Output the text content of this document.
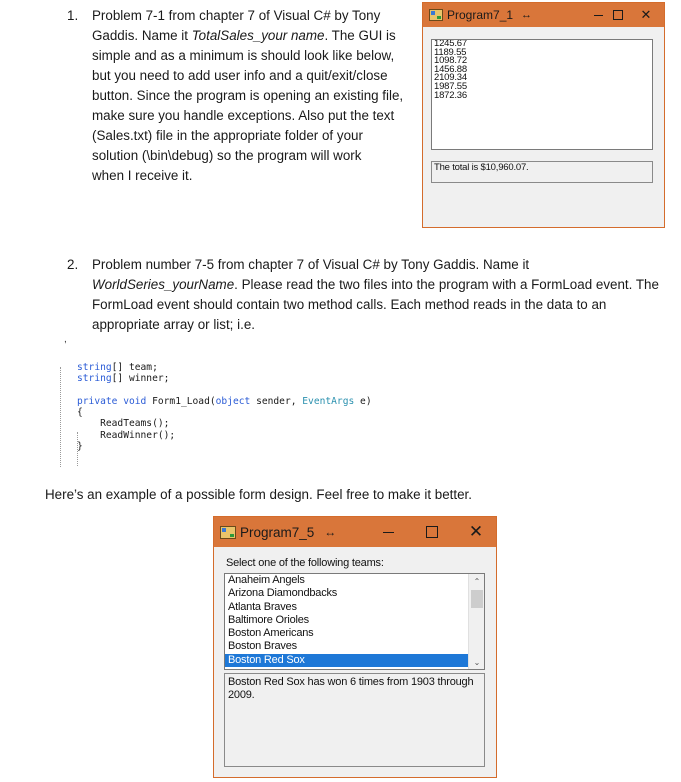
1. Problem 7-1 from chapter 7 of Visual C# by Tony
Gaddis. Name it TotalSales_your name. The GUI is
simple and as a minimum is should look like below,
but you need to add user info and a quit/exit/close
button. Since the program is opening an existing file,
make sure you handle exceptions. Also put the text
(Sales.txt) file in the appropriate folder of your
solution (\bin\debug) so the program will work
when I receive it.
Program7_1 ↔	✕
1245.67
1189.55
1098.72
1456.88
2109.34
1987.55
1872.36
The total is $10,960.07.
2. Problem number 7-5 from chapter 7 of Visual C# by Tony Gaddis. Name it
WorldSeries_yourName. Please read the two files into the program with a FormLoad event. The
FormLoad event should contain two method calls. Each method reads in the data to an
appropriate array or list; i.e.
,
string[] team;
string[] winner;
private void Form1_Load(object sender, EventArgs e)
{
ReadTeams();
ReadWinner();
}
Here’s an example of a possible form design. Feel free to make it better.
Program7_5 ↔	✕
Select one of the following teams:
Anaheim Angels
Arizona Diamondbacks
Atlanta Braves
Baltimore Orioles
Boston Americans
Boston Braves
Boston Red Sox
⌃
⌄
Boston Red Sox has won 6 times from 1903 through 2009.
